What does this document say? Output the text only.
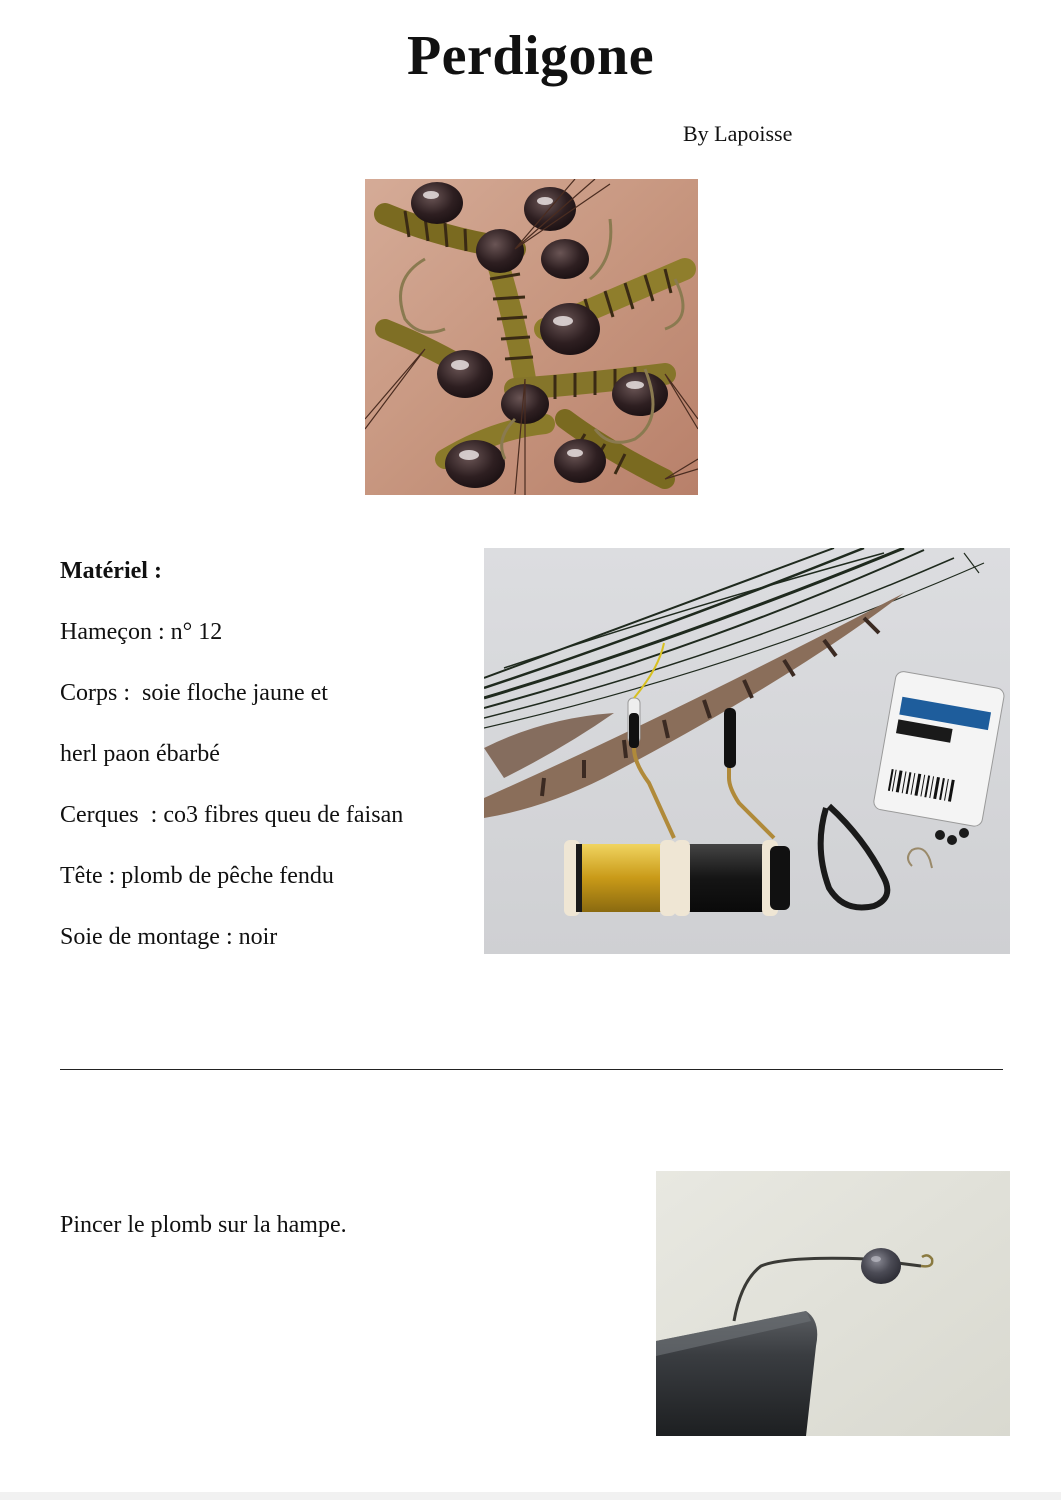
Perdigone
By Lapoisse
Matériel :
Hameçon : n° 12
Corps :  soie floche jaune et
herl paon ébarbé
Cerques  : co3 fibres queu de faisan
Tête : plomb de pêche fendu
Soie de montage : noir
Pincer le plomb sur la hampe.
